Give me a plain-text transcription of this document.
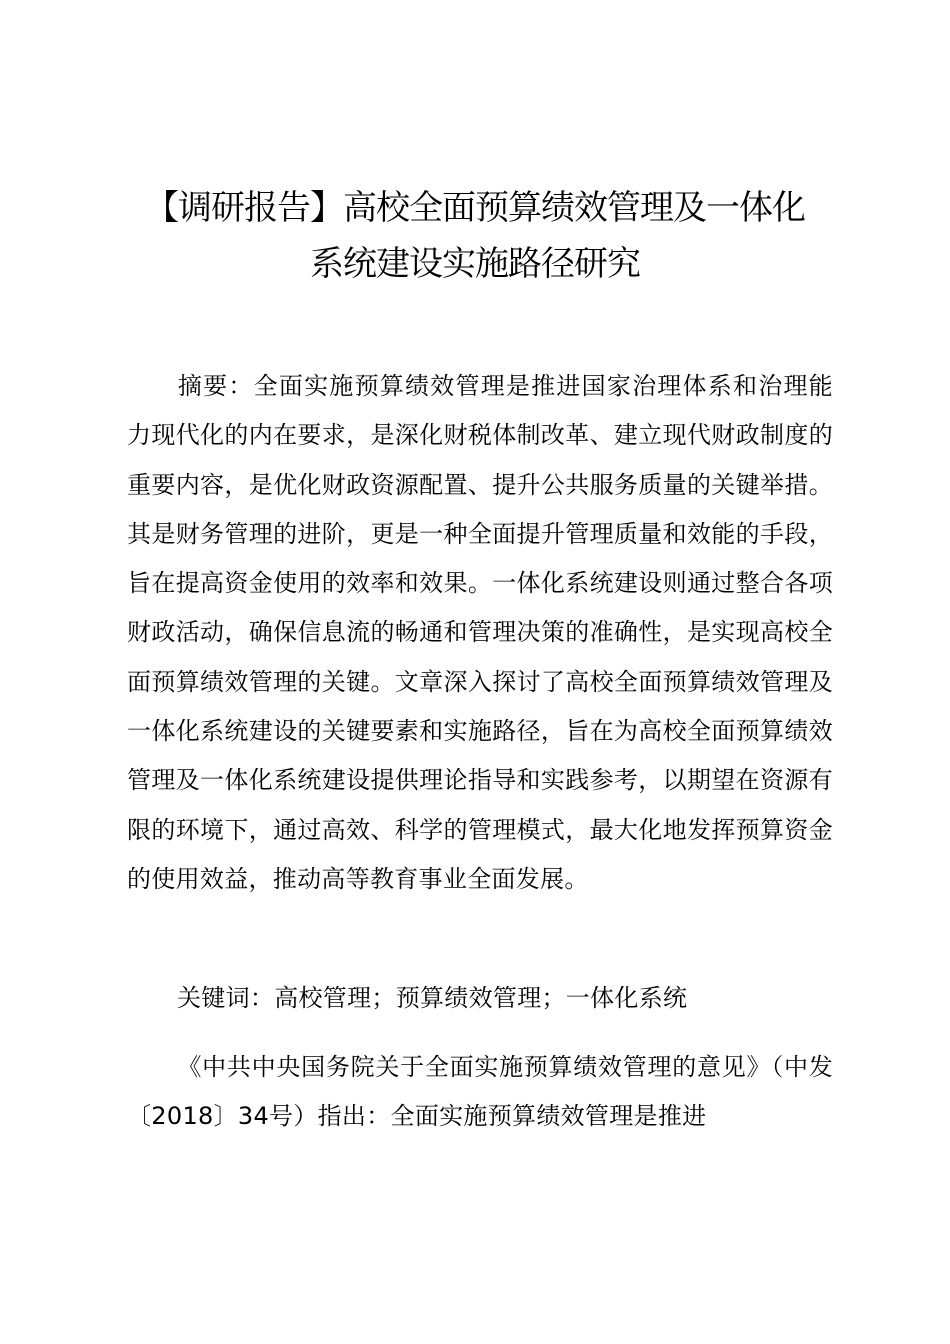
【调研报告】高校全面预算绩效管理及一体化
系统建设实施路径研究

摘要：全面实施预算绩效管理是推进国家治理体系和治理能力现代化的内在要求，是深化财税体制改革、建立现代财政制度的重要内容，是优化财政资源配置、提升公共服务质量的关键举措。其是财务管理的进阶，更是一种全面提升管理质量和效能的手段，旨在提高资金使用的效率和效果。一体化系统建设则通过整合各项财政活动，确保信息流的畅通和管理决策的准确性，是实现高校全面预算绩效管理的关键。文章深入探讨了高校全面预算绩效管理及一体化系统建设的关键要素和实施路径，旨在为高校全面预算绩效管理及一体化系统建设提供理论指导和实践参考，以期望在资源有限的环境下，通过高效、科学的管理模式，最大化地发挥预算资金的使用效益，推动高等教育事业全面发展。

关键词：高校管理；预算绩效管理；一体化系统

《中共中央国务院关于全面实施预算绩效管理的意见》（中发〔2018〕34号）指出：全面实施预算绩效管理是推进
